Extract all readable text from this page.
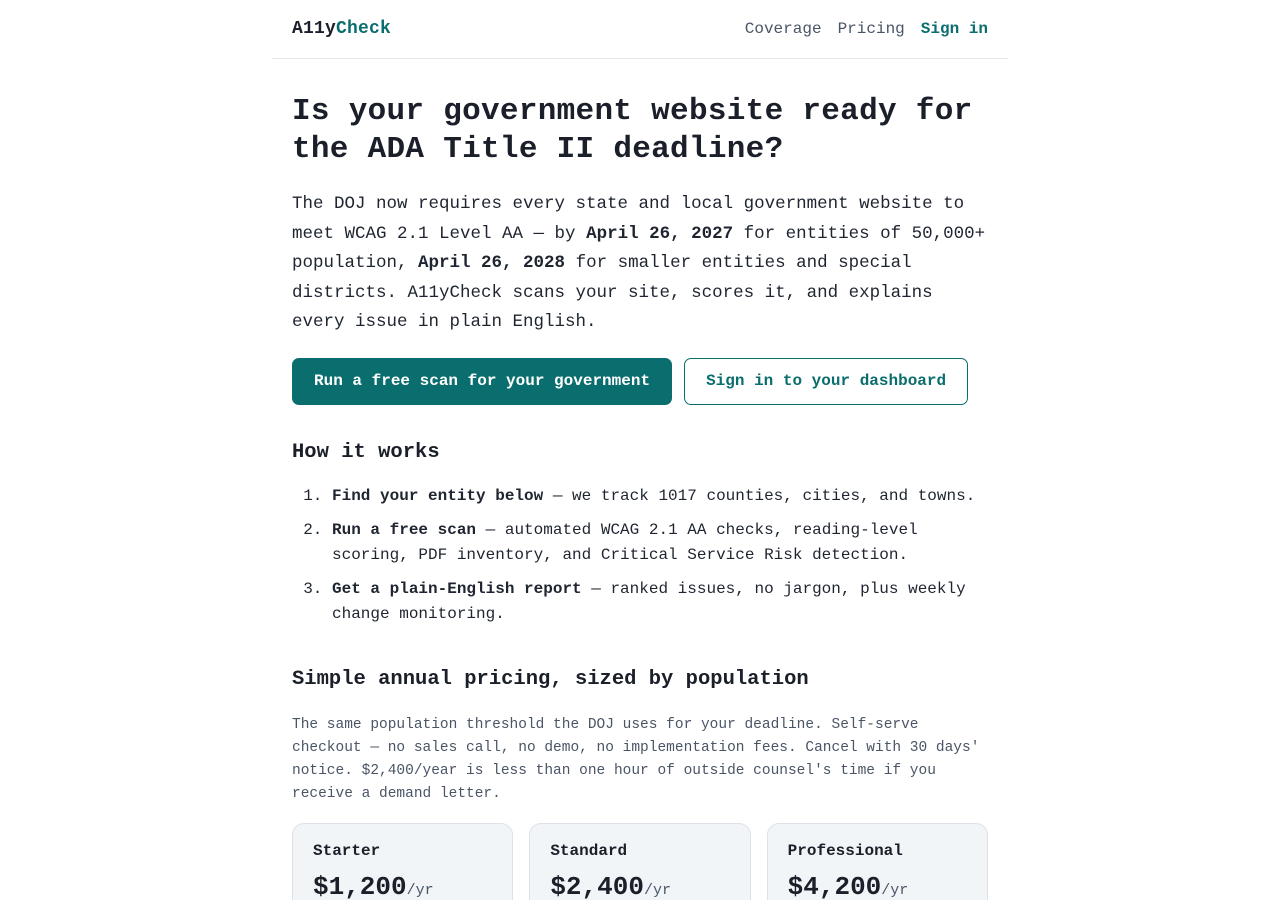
A11yCheck	Coverage Pricing Sign in
Is your government website ready for the ADA Title II deadline?

The DOJ now requires every state and local government website to meet WCAG 2.1 Level AA — by April 26, 2027 for entities of 50,000+ population, April 26, 2028 for smaller entities and special districts. A11yCheck scans your site, scores it, and explains every issue in plain English.

Run a free scan for your government	Sign in to your dashboard
How it works
1. Find your entity below — we track 1017 counties, cities, and towns.
2. Run a free scan — automated WCAG 2.1 AA checks, reading-level scoring, PDF inventory, and Critical Service Risk detection.
3. Get a plain-English report — ranked issues, no jargon, plus weekly change monitoring.
Simple annual pricing, sized by population

The same population threshold the DOJ uses for your deadline. Self-serve checkout — no sales call, no demo, no implementation fees. Cancel with 30 days' notice. $2,400/year is less than one hour of outside counsel's time if you receive a demand letter.

Starter
$1,200/yr
Standard
$2,400/yr
Professional
$4,200/yr
